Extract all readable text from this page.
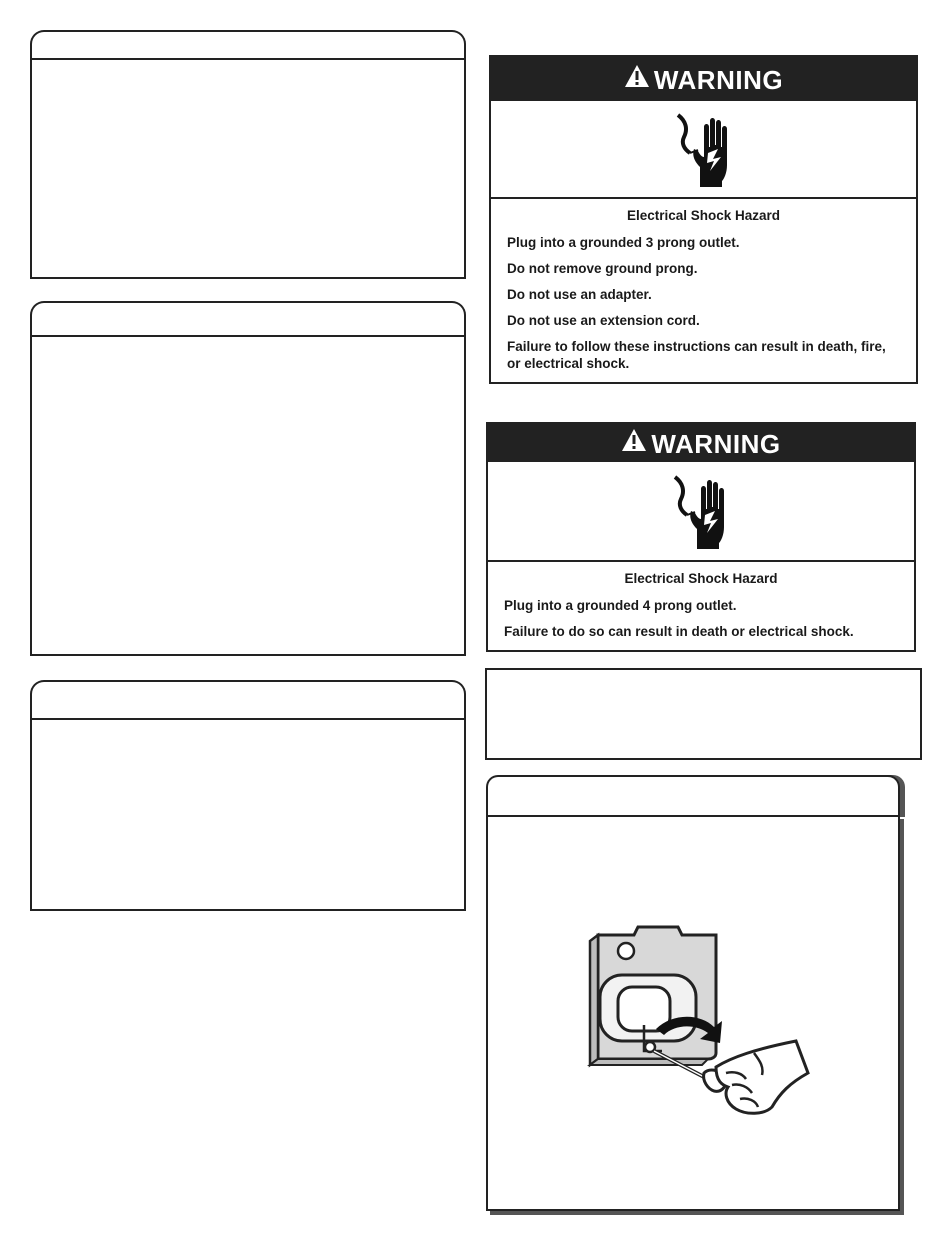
WARNING
Electrical Shock Hazard
Plug into a grounded 3 prong outlet.
Do not remove ground prong.
Do not use an adapter.
Do not use an extension cord.
Failure to follow these instructions can result in death, fire, or electrical shock.
WARNING
Electrical Shock Hazard
Plug into a grounded 4 prong outlet.
Failure to do so can result in death or electrical shock.
